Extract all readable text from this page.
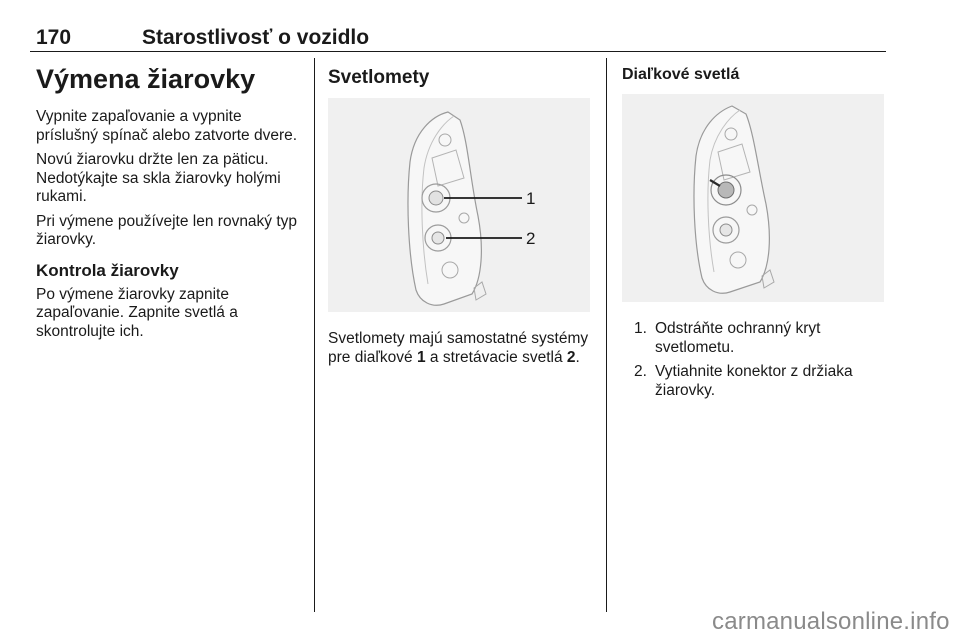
170	Starostlivosť o vozidlo
Výmena žiarovky

Vypnite zapaľovanie a vypnite príslušný spínač alebo zatvorte dvere.

Novú žiarovku držte len za päticu. Nedotýkajte sa skla žiarovky holými rukami.

Pri výmene používejte len rovnaký typ žiarovky.

Kontrola žiarovky

Po výmene žiarovky zapnite zapaľovanie. Zapnite svetlá a skontrolujte ich.

Svetlomety
1
2

Svetlomety majú samostatné systémy pre diaľkové 1 a stretávacie svetlá 2.

Diaľkové svetlá
1. Odstráňte ochranný kryt svetlometu.
2. Vytiahnite konektor z držiaka žiarovky.
carmanualsonline.info
